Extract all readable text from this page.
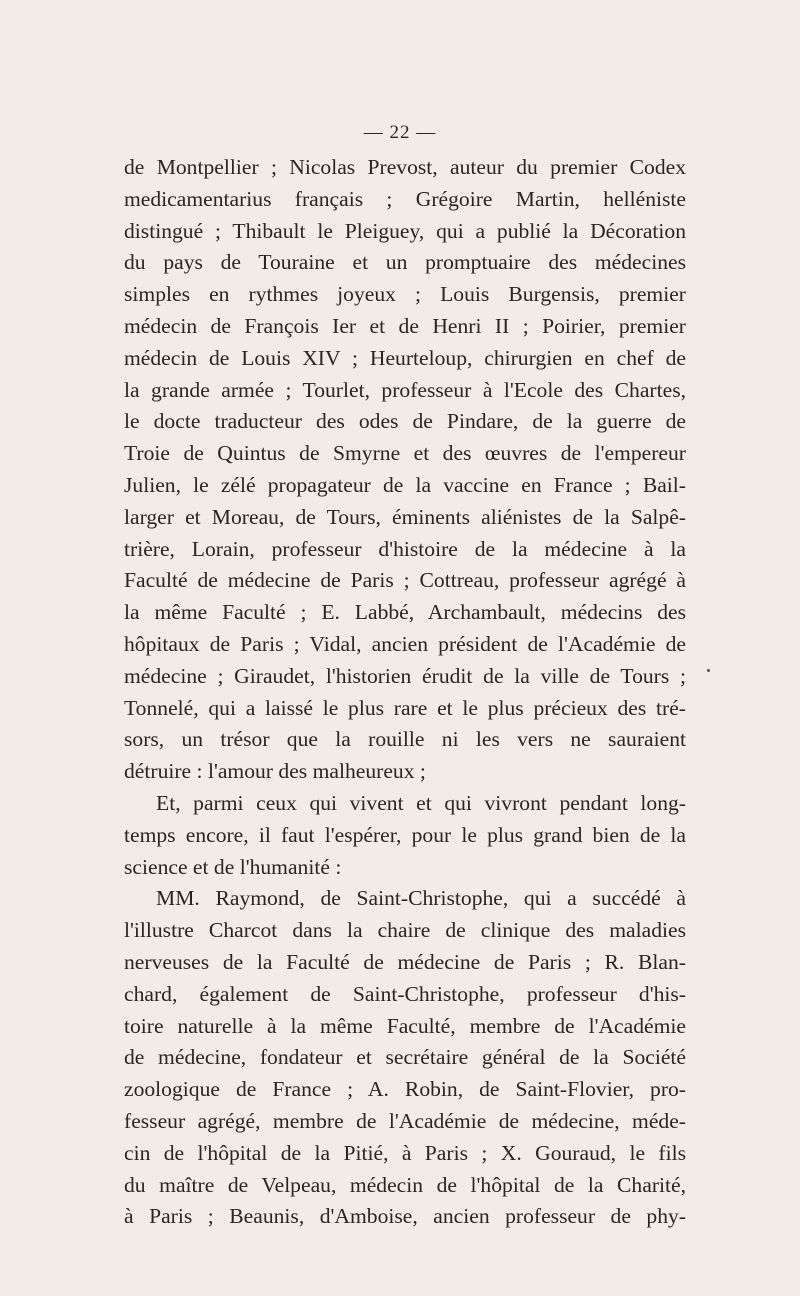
— 22 —
de Montpellier ; Nicolas Prevost, auteur du premier Codex
medicamentarius français ; Grégoire Martin, helléniste
distingué ; Thibault le Pleiguey, qui a publié la Décoration
du pays de Touraine et un promptuaire des médecines
simples en rythmes joyeux ; Louis Burgensis, premier
médecin de François Ier et de Henri II ; Poirier, premier
médecin de Louis XIV ; Heurteloup, chirurgien en chef de
la grande armée ; Tourlet, professeur à l'Ecole des Chartes,
le docte traducteur des odes de Pindare, de la guerre de
Troie de Quintus de Smyrne et des œuvres de l'empereur
Julien, le zélé propagateur de la vaccine en France ; Bail-
larger et Moreau, de Tours, éminents aliénistes de la Salpê-
trière, Lorain, professeur d'histoire de la médecine à la
Faculté de médecine de Paris ; Cottreau, professeur agrégé à
la même Faculté ; E. Labbé, Archambault, médecins des
hôpitaux de Paris ; Vidal, ancien président de l'Académie de
médecine ; Giraudet, l'historien érudit de la ville de Tours ;
Tonnelé, qui a laissé le plus rare et le plus précieux des tré-
sors, un trésor que la rouille ni les vers ne sauraient
détruire : l'amour des malheureux ;
Et, parmi ceux qui vivent et qui vivront pendant long-
temps encore, il faut l'espérer, pour le plus grand bien de la
science et de l'humanité :
MM. Raymond, de Saint-Christophe, qui a succédé à
l'illustre Charcot dans la chaire de clinique des maladies
nerveuses de la Faculté de médecine de Paris ; R. Blan-
chard, également de Saint-Christophe, professeur d'his-
toire naturelle à la même Faculté, membre de l'Académie
de médecine, fondateur et secrétaire général de la Société
zoologique de France ; A. Robin, de Saint-Flovier, pro-
fesseur agrégé, membre de l'Académie de médecine, méde-
cin de l'hôpital de la Pitié, à Paris ; X. Gouraud, le fils
du maître de Velpeau, médecin de l'hôpital de la Charité,
à Paris ; Beaunis, d'Amboise, ancien professeur de phy-
